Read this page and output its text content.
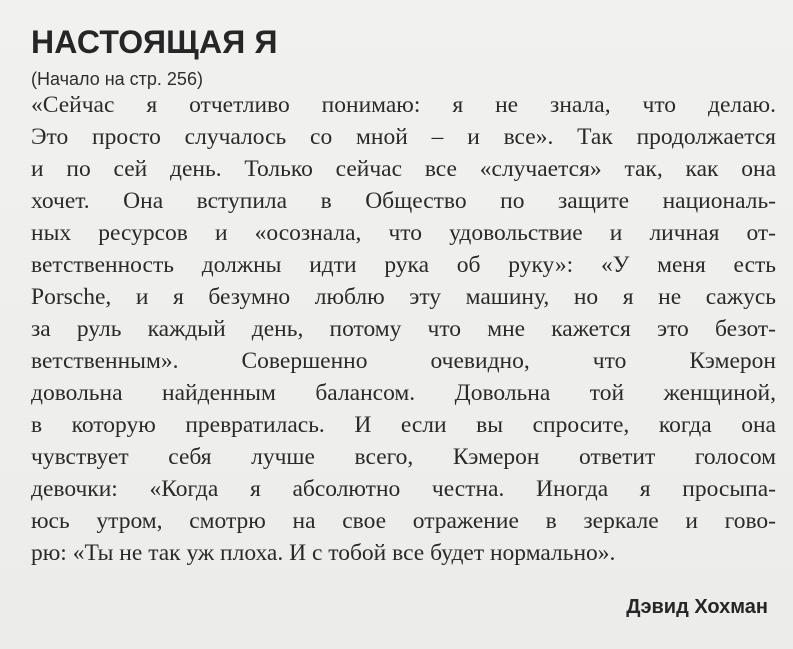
НАСТОЯЩАЯ Я
(Начало на стр. 256)
«Сейчас я отчетливо понимаю: я не знала, что делаю.
Это просто случалось со мной – и все». Так продолжается
и по сей день. Только сейчас все «случается» так, как она
хочет. Она вступила в Общество по защите националь-
ных ресурсов и «осознала, что удовольствие и личная от-
ветственность должны идти рука об руку»: «У меня есть
Porsche, и я безумно люблю эту машину, но я не сажусь
за руль каждый день, потому что мне кажется это безот-
ветственным». Совершенно очевидно, что Кэмерон
довольна найденным балансом. Довольна той женщиной,
в которую превратилась. И если вы спросите, когда она
чувствует себя лучше всего, Кэмерон ответит голосом
девочки: «Когда я абсолютно честна. Иногда я просыпа-
юсь утром, смотрю на свое отражение в зеркале и гово-
рю: «Ты не так уж плоха. И с тобой все будет нормально».
Дэвид Хохман
